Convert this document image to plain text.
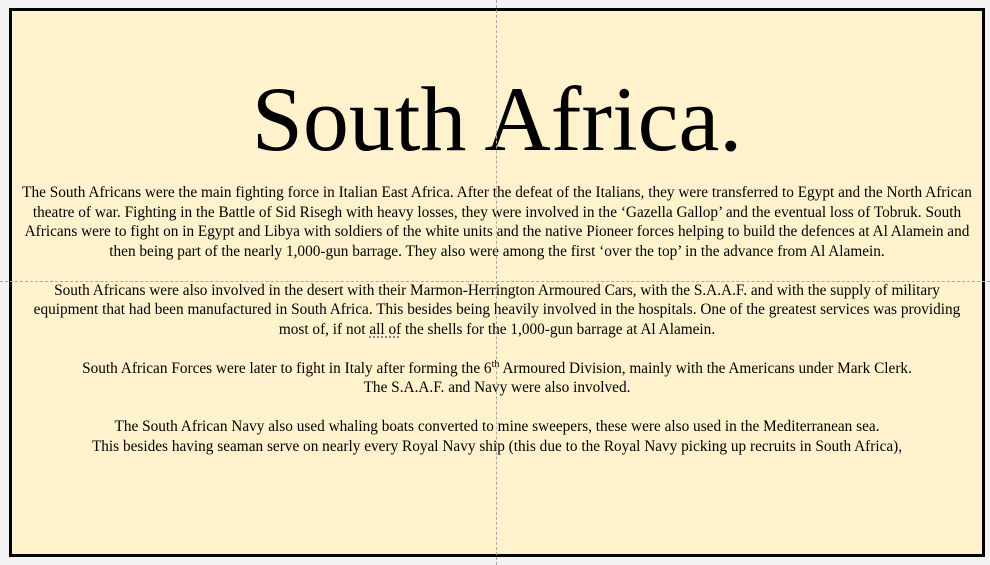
South Africa.

The South Africans were the main fighting force in Italian East Africa. After the defeat of the Italians, they were transferred to Egypt and the North African theatre of war. Fighting in the Battle of Sid Risegh with heavy losses, they were involved in the ‘Gazella Gallop’ and the eventual loss of Tobruk. South Africans were to fight on in Egypt and Libya with soldiers of the white units and the native Pioneer forces helping to build the defences at Al Alamein and then being part of the nearly 1,000-gun barrage. They also were among the first ‘over the top’ in the advance from Al Alamein.

South Africans were also involved in the desert with their Marmon-Herrington Armoured Cars, with the S.A.A.F. and with the supply of military equipment that had been manufactured in South Africa. This besides being heavily involved in the hospitals. One of the greatest services was providing most of, if not all of the shells for the 1,000-gun barrage at Al Alamein.

South African Forces were later to fight in Italy after forming the 6th Armoured Division, mainly with the Americans under Mark Clerk.
The S.A.A.F. and Navy were also involved.

The South African Navy also used whaling boats converted to mine sweepers, these were also used in the Mediterranean sea.
This besides having seaman serve on nearly every Royal Navy ship (this due to the Royal Navy picking up recruits in South Africa),
